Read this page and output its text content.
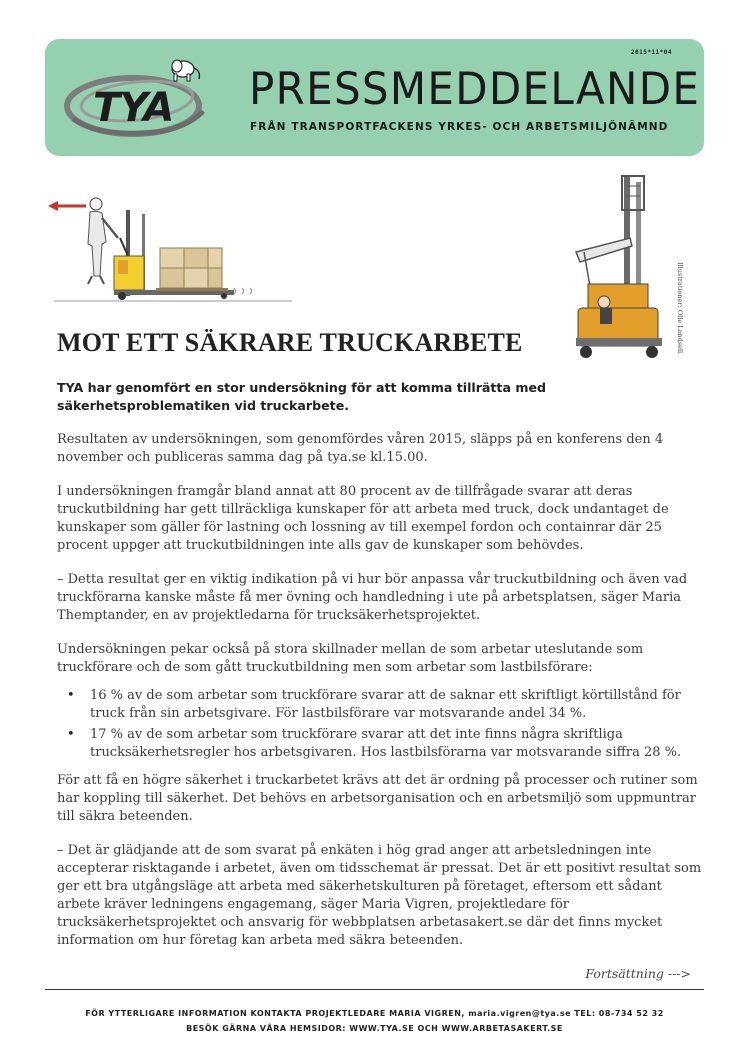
2015*11*04
TYA PRESSMEDDELANDE
FRÅN TRANSPORTFACKENS YRKES- OCH ARBETSMILJÖNÄMND
Illustrationer: Olle Landsell
MOT ETT SÄKRARE TRUCKARBETE

TYA har genomfört en stor undersökning för att komma tillrätta med säkerhetsproblematiken vid truckarbete.

Resultaten av undersökningen, som genomfördes våren 2015, släpps på en konferens den 4 november och publiceras samma dag på tya.se kl.15.00.

I undersökningen framgår bland annat att 80 procent av de tillfrågade svarar att deras truckutbildning har gett tillräckliga kunskaper för att arbeta med truck, dock undantaget de kunskaper som gäller för lastning och lossning av till exempel fordon och containrar där 25 procent uppger att truckutbildningen inte alls gav de kunskaper som behövdes.

– Detta resultat ger en viktig indikation på vi hur bör anpassa vår truckutbildning och även vad truckförarna kanske måste få mer övning och handledning i ute på arbetsplatsen, säger Maria Themptander, en av projektledarna för trucksäkerhetsprojektet.

Undersökningen pekar också på stora skillnader mellan de som arbetar uteslutande som truckförare och de som gått truckutbildning men som arbetar som lastbilsförare:

• 16 % av de som arbetar som truckförare svarar att de saknar ett skriftligt körtillstånd för truck från sin arbetsgivare. För lastbilsförare var motsvarande andel 34 %.
• 17 % av de som arbetar som truckförare svarar att det inte finns några skriftliga trucksäkerhetsregler hos arbetsgivaren. Hos lastbilsförarna var motsvarande siffra 28 %.

För att få en högre säkerhet i truckarbetet krävs att det är ordning på processer och rutiner som har koppling till säkerhet. Det behövs en arbetsorganisation och en arbetsmiljö som uppmuntrar till säkra beteenden.

– Det är glädjande att de som svarat på enkäten i hög grad anger att arbetsledningen inte accepterar risktagande i arbetet, även om tidsschemat är pressat. Det är ett positivt resultat som ger ett bra utgångsläge att arbeta med säkerhetskulturen på företaget, eftersom ett sådant arbete kräver ledningens engagemang, säger Maria Vigren, projektledare för trucksäkerhetsprojektet och ansvarig för webbplatsen arbetasakert.se där det finns mycket information om hur företag kan arbeta med säkra beteenden.

Fortsättning --->
FÖR YTTERLIGARE INFORMATION KONTAKTA PROJEKTLEDARE MARIA VIGREN, maria.vigren@tya.se TEL: 08-734 52 32
BESÖK GÄRNA VÅRA HEMSIDOR: WWW.TYA.SE OCH WWW.ARBETASAKERT.SE
